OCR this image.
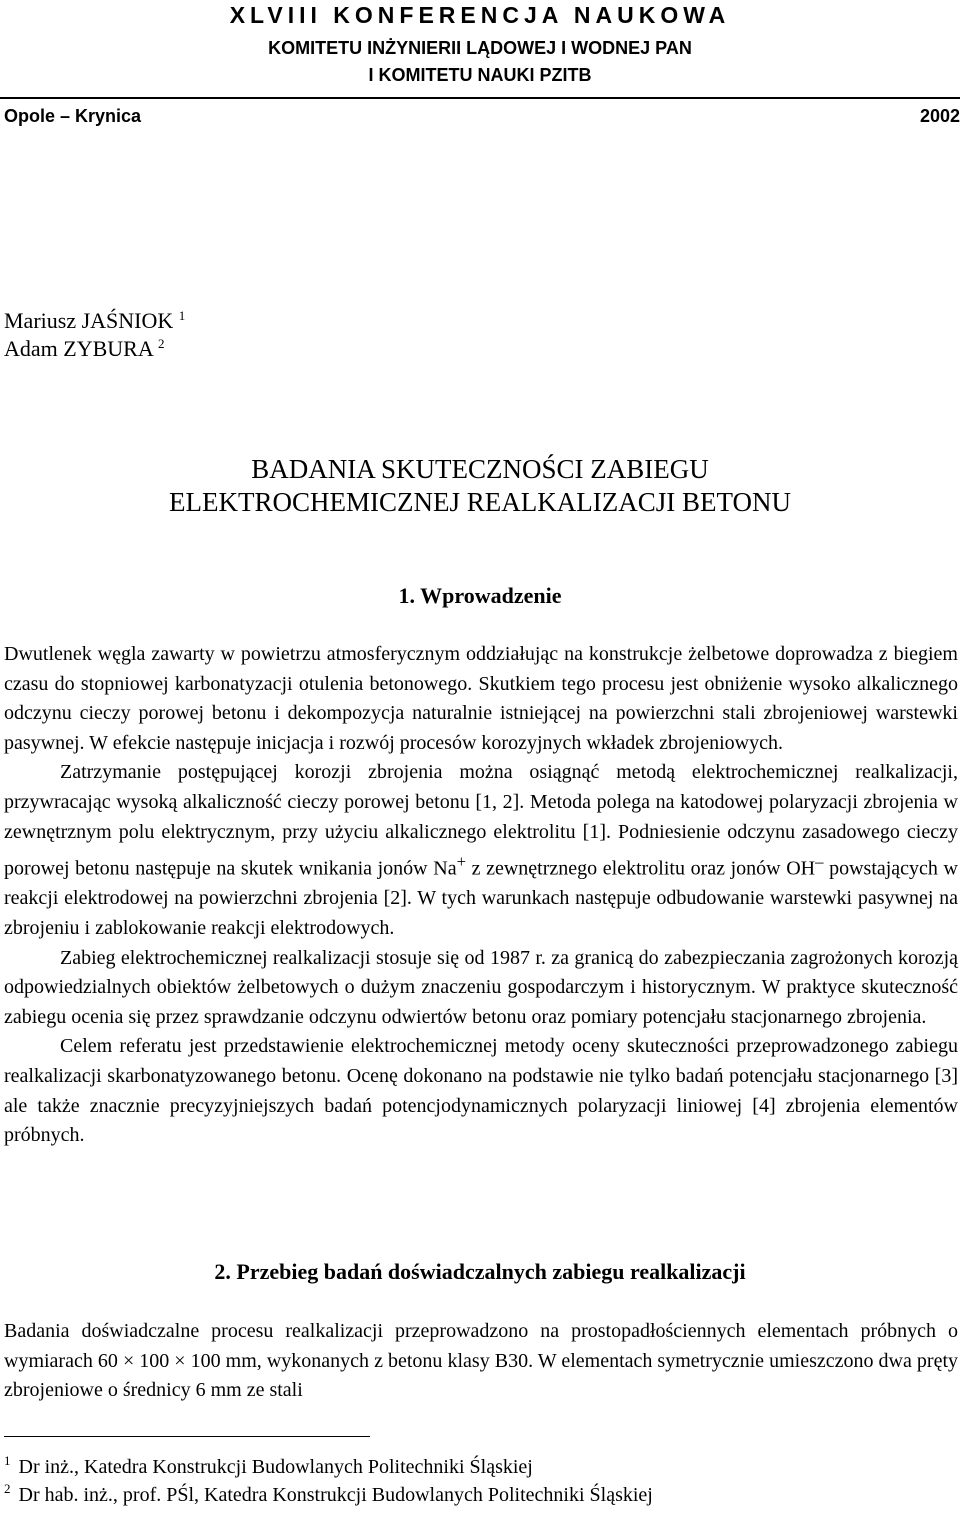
XLVIII KONFERENCJA NAUKOWA
KOMITETU INŻYNIERII LĄDOWEJ I WODNEJ PAN
I KOMITETU NAUKI PZITB
Opole – Krynica	2002
Mariusz JAŚNIOK $^1$
Adam ZYBURA $^2$
BADANIA SKUTECZNOŚCI ZABIEGU
ELEKTROCHEMICZNEJ REALKALIZACJI BETONU
1. Wprowadzenie

Dwutlenek węgla zawarty w powietrzu atmosferycznym oddziałując na konstrukcje żelbetowe doprowadza z biegiem czasu do stopniowej karbonatyzacji otulenia betonowego. Skutkiem tego procesu jest obniżenie wysoko alkalicznego odczynu cieczy porowej betonu i dekompozycja naturalnie istniejącej na powierzchni stali zbrojeniowej warstewki pasywnej. W efekcie następuje inicjacja i rozwój procesów korozyjnych wkładek zbrojeniowych.

Zatrzymanie postępującej korozji zbrojenia można osiągnąć metodą elektrochemicznej realkalizacji, przywracając wysoką alkaliczność cieczy porowej betonu [1, 2]. Metoda polega na katodowej polaryzacji zbrojenia w zewnętrznym polu elektrycznym, przy użyciu alkalicznego elektrolitu [1]. Podniesienie odczynu zasadowego cieczy porowej betonu następuje na skutek wnikania jonów Na+ z zewnętrznego elektrolitu oraz jonów OH– powstających w reakcji elektrodowej na powierzchni zbrojenia [2]. W tych warunkach następuje odbudowanie warstewki pasywnej na zbrojeniu i zablokowanie reakcji elektrodowych.

Zabieg elektrochemicznej realkalizacji stosuje się od 1987 r. za granicą do zabezpieczania zagrożonych korozją odpowiedzialnych obiektów żelbetowych o dużym znaczeniu gospodarczym i historycznym. W praktyce skuteczność zabiegu ocenia się przez sprawdzanie odczynu odwiertów betonu oraz pomiary potencjału stacjonarnego zbrojenia.

Celem referatu jest przedstawienie elektrochemicznej metody oceny skuteczności przeprowadzonego zabiegu realkalizacji skarbonatyzowanego betonu. Ocenę dokonano na podstawie nie tylko badań potencjału stacjonarnego [3] ale także znacznie precyzyjniejszych badań potencjodynamicznych polaryzacji liniowej [4] zbrojenia elementów próbnych.

2. Przebieg badań doświadczalnych zabiegu realkalizacji

Badania doświadczalne procesu realkalizacji przeprowadzono na prostopadłościennych elementach próbnych o wymiarach 60 × 100 × 100 mm, wykonanych z betonu klasy B30. W elementach symetrycznie umieszczono dwa pręty zbrojeniowe o średnicy 6 mm ze stali

$^1$ Dr inż., Katedra Konstrukcji Budowlanych Politechniki Śląskiej
$^2$ Dr hab. inż., prof. PŚl, Katedra Konstrukcji Budowlanych Politechniki Śląskiej
